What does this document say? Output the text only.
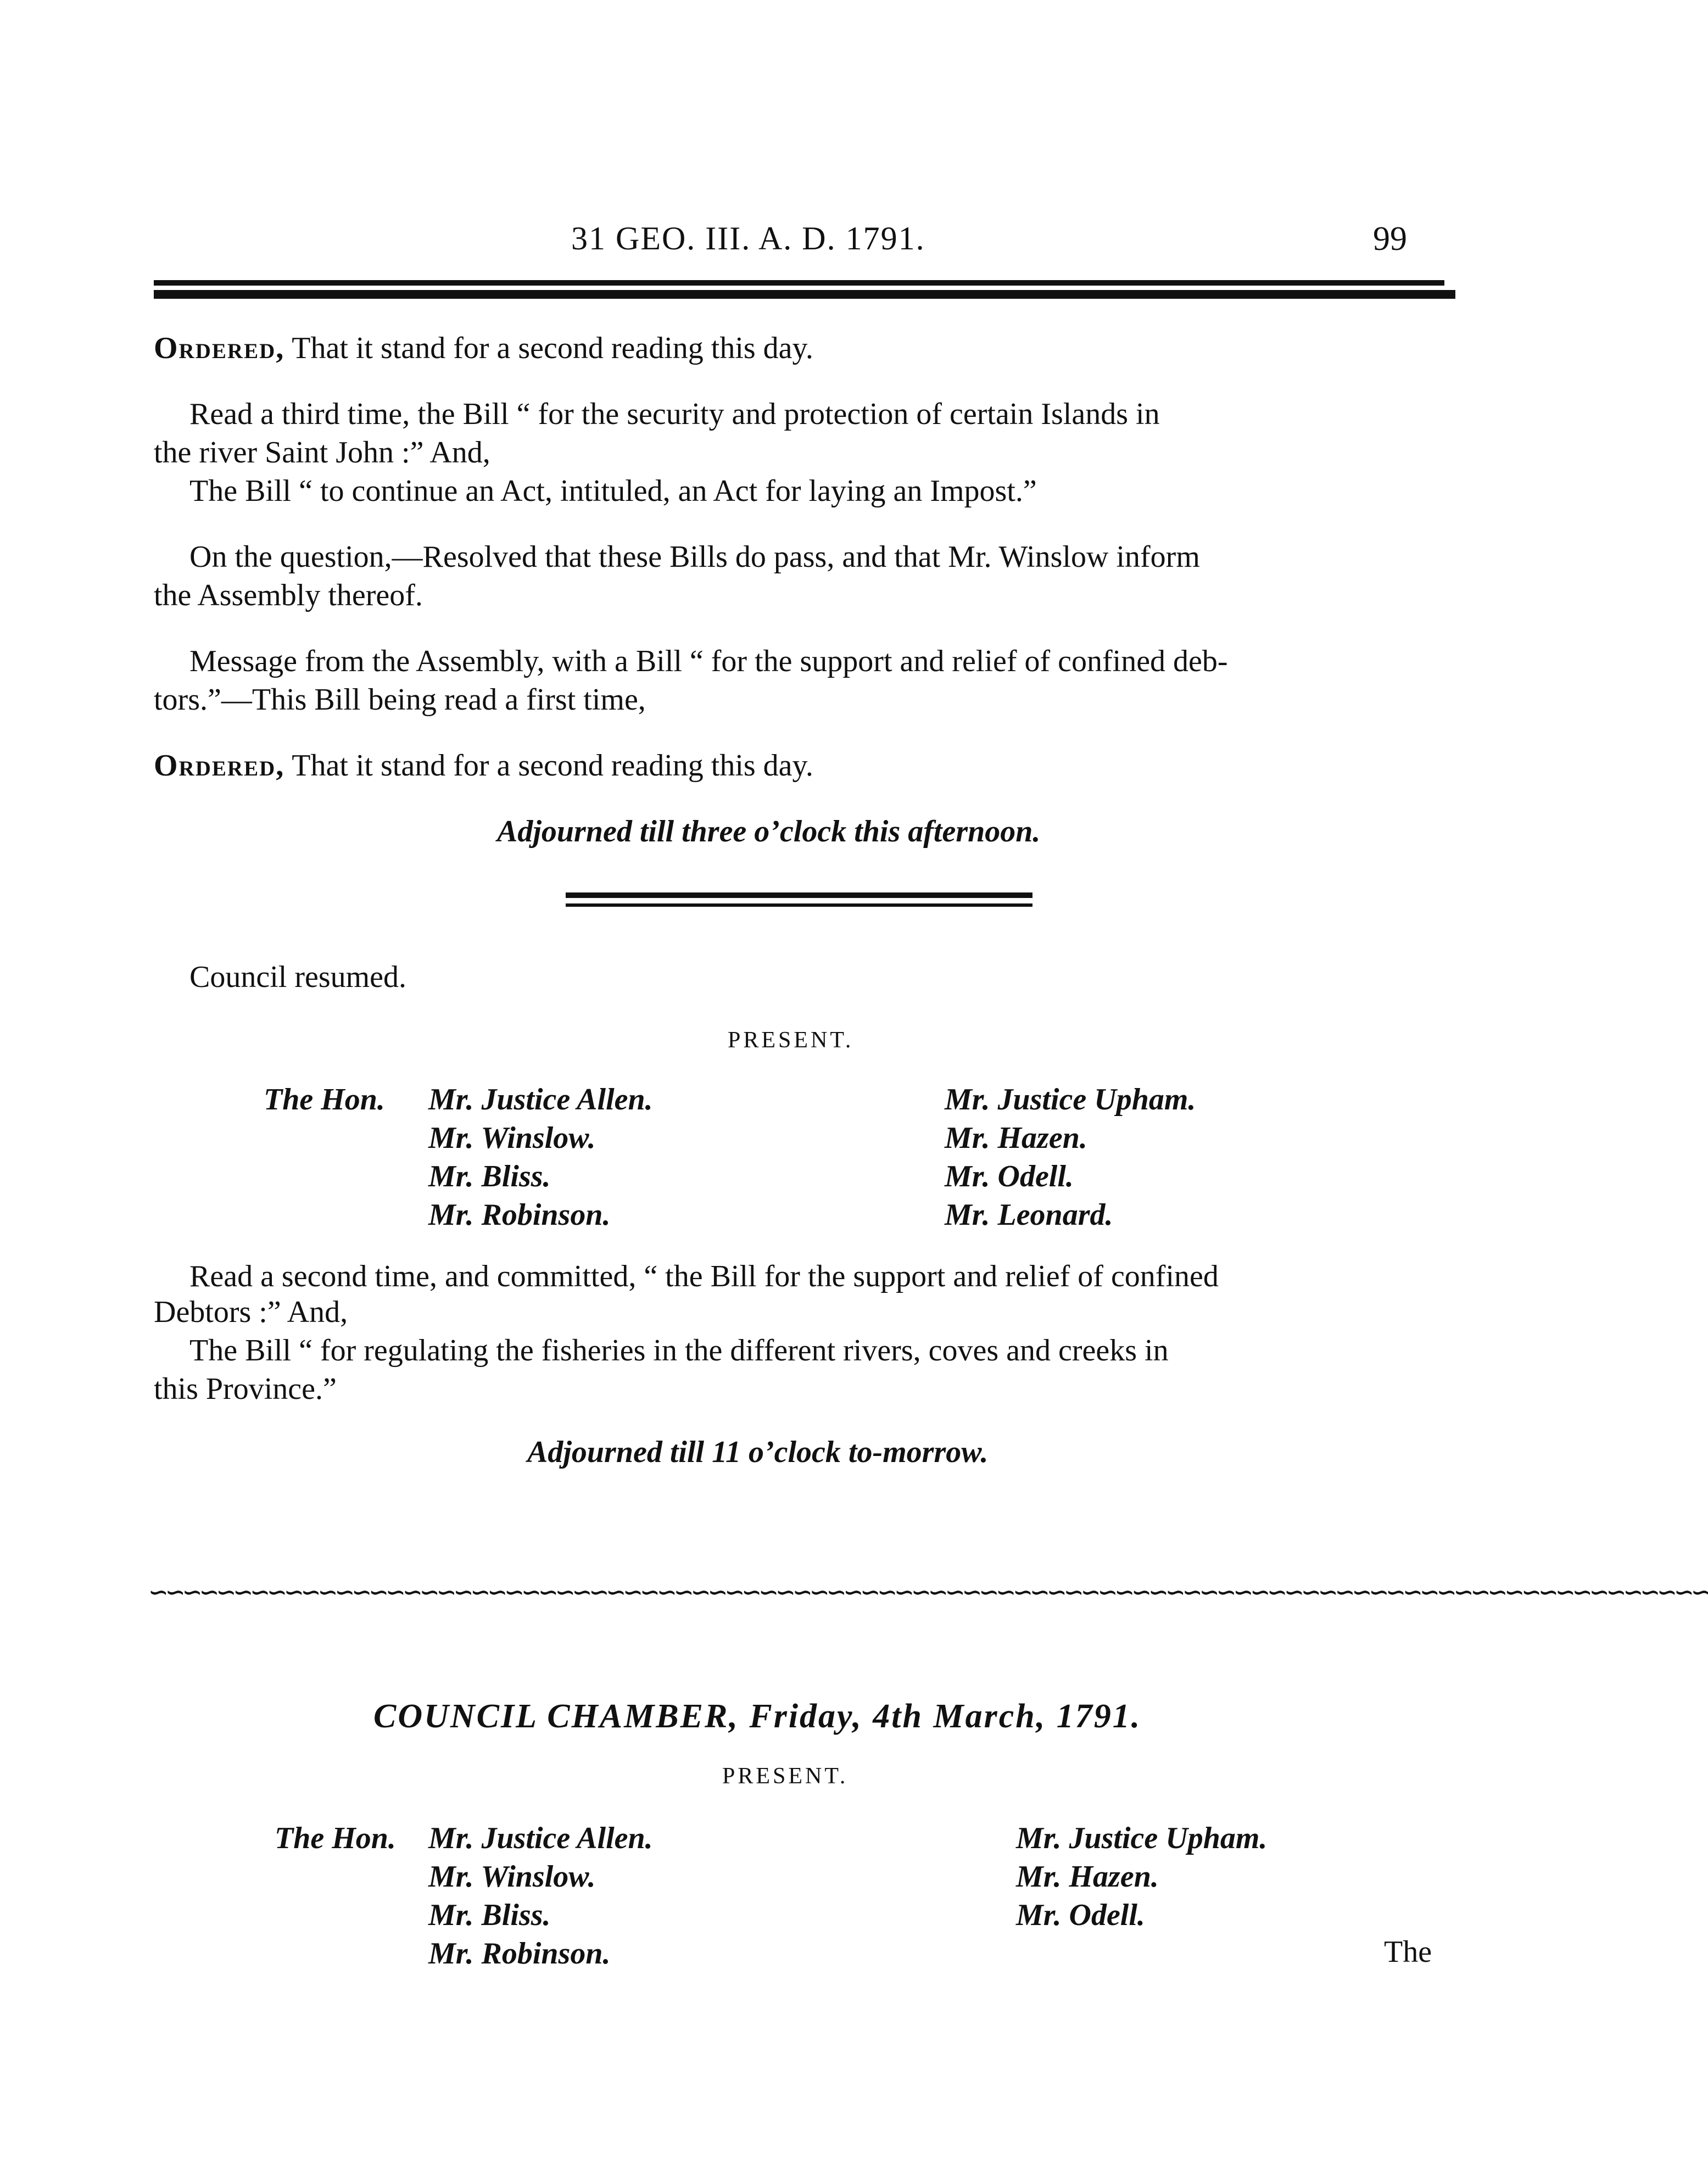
31 GEO. III. A. D. 1791.	99
Ordered, That it stand for a second reading this day.
Read a third time, the Bill “ for the security and protection of certain Islands in
the river Saint John :” And,
The Bill “ to continue an Act, intituled, an Act for laying an Impost.”
On the question,—Resolved that these Bills do pass, and that Mr. Winslow inform
the Assembly thereof.
Message from the Assembly, with a Bill “ for the support and relief of confined deb-
tors.”—This Bill being read a first time,
Ordered, That it stand for a second reading this day.
Adjourned till three o’clock this afternoon.
Council resumed.
PRESENT.
The Hon. Mr. Justice Allen.
Mr. Winslow.
Mr. Bliss.
Mr. Robinson.
Mr. Justice Upham.
Mr. Hazen.
Mr. Odell.
Mr. Leonard.
Read a second time, and committed, “ the Bill for the support and relief of confined
Debtors :” And,
The Bill “ for regulating the fisheries in the different rivers, coves and creeks in
this Province.”
Adjourned till 11 o’clock to-morrow.
∽∽∽∽∽∽∽∽∽∽∽∽∽∽∽∽∽∽∽∽∽∽∽∽∽∽∽∽∽∽∽∽∽∽∽∽∽∽∽∽∽∽∽∽∽∽∽∽∽∽∽∽∽∽∽∽∽∽∽∽∽∽∽∽∽∽∽∽∽∽∽∽∽∽∽∽∽∽∽∽∽∽∽∽∽∽∽∽∽∽∽∽
COUNCIL CHAMBER, Friday, 4th March, 1791.
PRESENT.
The Hon. Mr. Justice Allen.
Mr. Winslow.
Mr. Bliss.
Mr. Robinson.
Mr. Justice Upham.
Mr. Hazen.
Mr. Odell.
The
